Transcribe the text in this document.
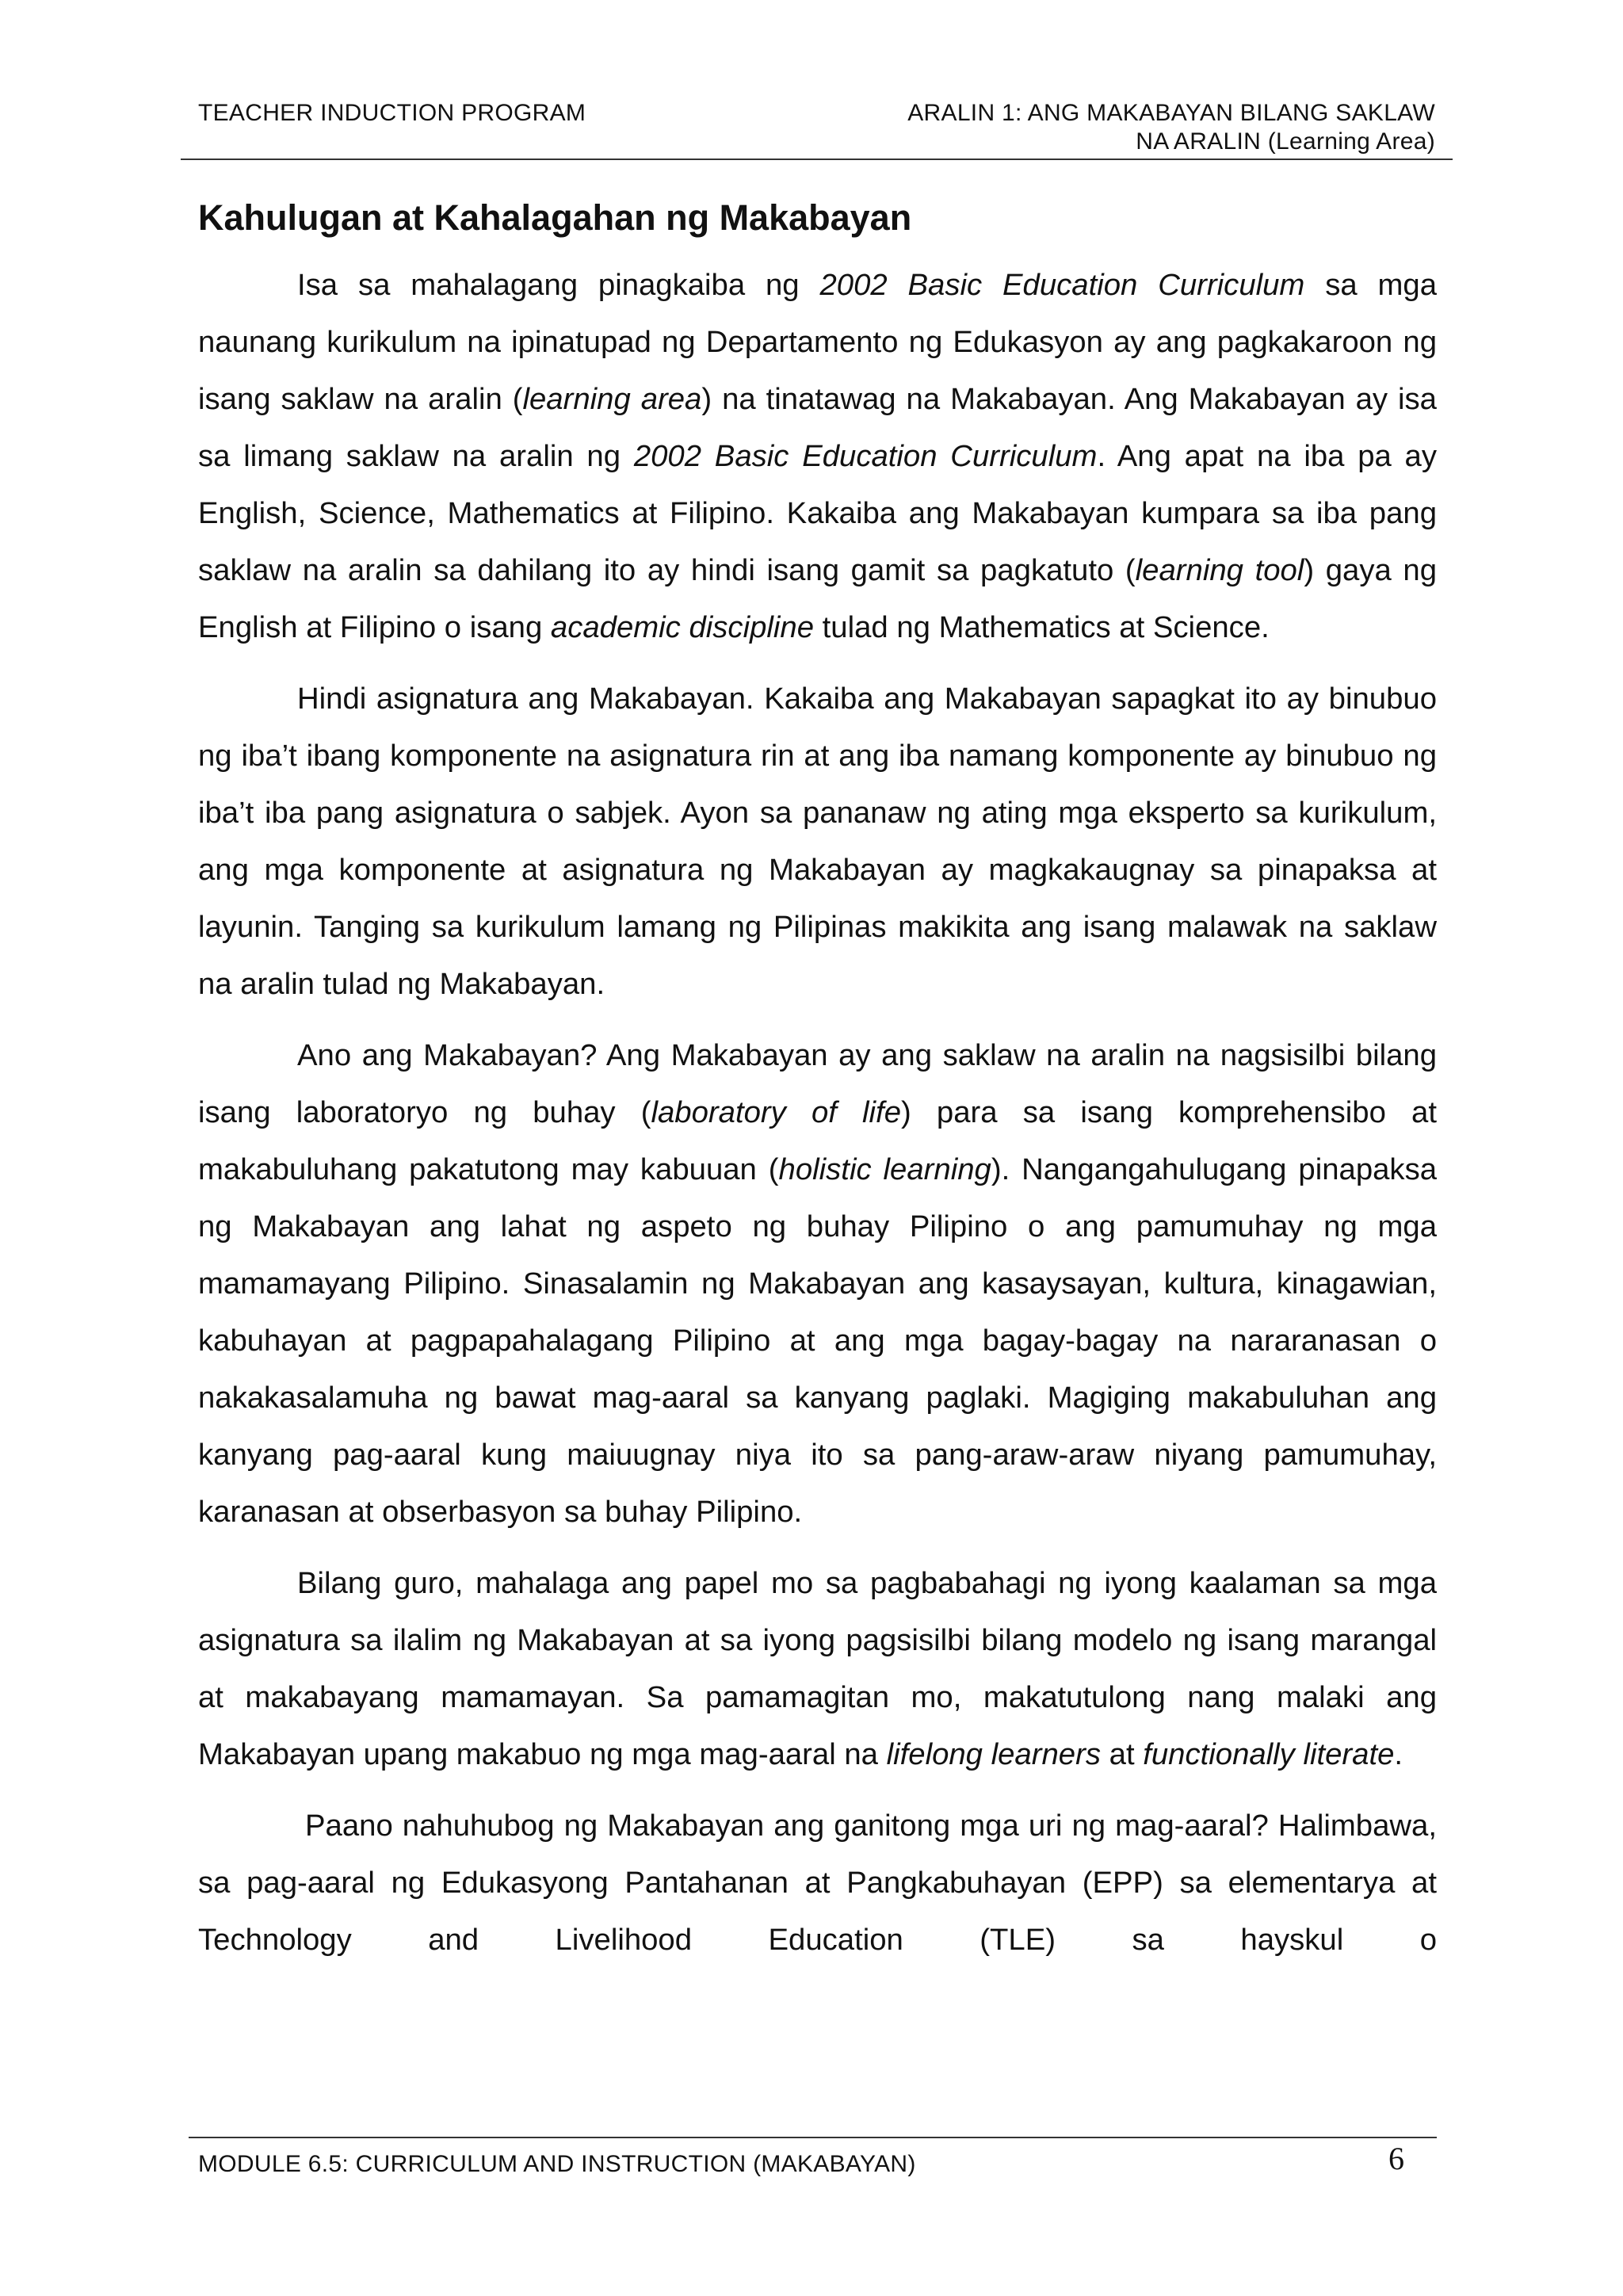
TEACHER INDUCTION PROGRAM	ARALIN 1: ANG MAKABAYAN BILANG SAKLAW
NA ARALIN (Learning Area)
Kahulugan at Kahalagahan ng Makabayan

Isa sa mahalagang pinagkaiba ng 2002 Basic Education Curriculum sa mga naunang kurikulum na ipinatupad ng Departamento ng Edukasyon ay ang pagkakaroon ng isang saklaw na aralin (learning area) na tinatawag na Makabayan. Ang Makabayan ay isa sa limang saklaw na aralin ng 2002 Basic Education Curriculum. Ang apat na iba pa ay English, Science, Mathematics at Filipino. Kakaiba ang Makabayan kumpara sa iba pang saklaw na aralin sa dahilang ito ay hindi isang gamit sa pagkatuto (learning tool) gaya ng English at Filipino o isang academic discipline tulad ng Mathematics at Science.

Hindi asignatura ang Makabayan. Kakaiba ang Makabayan sapagkat ito ay binubuo ng iba’t ibang komponente na asignatura rin at ang iba namang komponente ay binubuo ng iba’t iba pang asignatura o sabjek. Ayon sa pananaw ng ating mga eksperto sa kurikulum, ang mga komponente at asignatura ng Makabayan ay magkakaugnay sa pinapaksa at layunin. Tanging sa kurikulum lamang ng Pilipinas makikita ang isang malawak na saklaw na aralin tulad ng Makabayan.

Ano ang Makabayan? Ang Makabayan ay ang saklaw na aralin na nagsisilbi bilang isang laboratoryo ng buhay (laboratory of life) para sa isang komprehensibo at makabuluhang pakatutong may kabuuan (holistic learning). Nangangahulugang pinapaksa ng Makabayan ang lahat ng aspeto ng buhay Pilipino o ang pamumuhay ng mga mamamayang Pilipino. Sinasalamin ng Makabayan ang kasaysayan, kultura, kinagawian, kabuhayan at pagpapahalagang Pilipino at ang mga bagay-bagay na nararanasan o nakakasalamuha ng bawat mag-aaral sa kanyang paglaki. Magiging makabuluhan ang kanyang pag-aaral kung maiuugnay niya ito sa pang-araw-araw niyang pamumuhay, karanasan at obserbasyon sa buhay Pilipino.

Bilang guro, mahalaga ang papel mo sa pagbabahagi ng iyong kaalaman sa mga asignatura sa ilalim ng Makabayan at sa iyong pagsisilbi bilang modelo ng isang marangal at makabayang mamamayan. Sa pamamagitan mo, makatutulong nang malaki ang Makabayan upang makabuo ng mga mag-aaral na lifelong learners at functionally literate.

Paano nahuhubog ng Makabayan ang ganitong mga uri ng mag-aaral? Halimbawa, sa pag-aaral ng Edukasyong Pantahanan at Pangkabuhayan (EPP) sa elementarya at Technology and Livelihood Education (TLE) sa hayskul o

MODULE 6.5: CURRICULUM AND INSTRUCTION (MAKABAYAN)	6
